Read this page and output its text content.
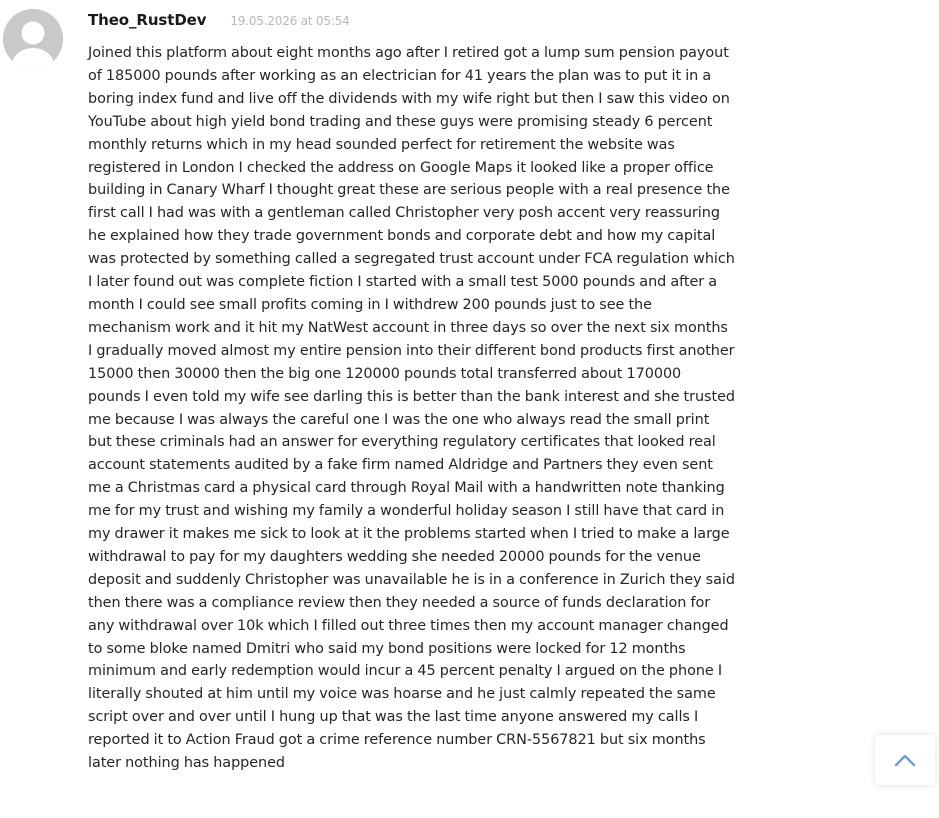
Theo_RustDev 19.05.2026 at 05:54

Joined this platform about eight months ago after I retired got a lump sum pension payout of 185000 pounds after working as an electrician for 41 years the plan was to put it in a boring index fund and live off the dividends with my wife right but then I saw this video on YouTube about high yield bond trading and these guys were promising steady 6 percent monthly returns which in my head sounded perfect for retirement the website was registered in London I checked the address on Google Maps it looked like a proper office building in Canary Wharf I thought great these are serious people with a real presence the first call I had was with a gentleman called Christopher very posh accent very reassuring he explained how they trade government bonds and corporate debt and how my capital was protected by something called a segregated trust account under FCA regulation which I later found out was complete fiction I started with a small test 5000 pounds and after a month I could see small profits coming in I withdrew 200 pounds just to see the mechanism work and it hit my NatWest account in three days so over the next six months I gradually moved almost my entire pension into their different bond products first another 15000 then 30000 then the big one 120000 pounds total transferred about 170000 pounds I even told my wife see darling this is better than the bank interest and she trusted me because I was always the careful one I was the one who always read the small print but these criminals had an answer for everything regulatory certificates that looked real account statements audited by a fake firm named Aldridge and Partners they even sent me a Christmas card a physical card through Royal Mail with a handwritten note thanking me for my trust and wishing my family a wonderful holiday season I still have that card in my drawer it makes me sick to look at it the problems started when I tried to make a large withdrawal to pay for my daughters wedding she needed 20000 pounds for the venue deposit and suddenly Christopher was unavailable he is in a conference in Zurich they said then there was a compliance review then they needed a source of funds declaration for any withdrawal over 10k which I filled out three times then my account manager changed to some bloke named Dmitri who said my bond positions were locked for 12 months minimum and early redemption would incur a 45 percent penalty I argued on the phone I literally shouted at him until my voice was hoarse and he just calmly repeated the same script over and over until I hung up that was the last time anyone answered my calls I reported it to Action Fraud got a crime reference number CRN-5567821 but six months later nothing has happened
